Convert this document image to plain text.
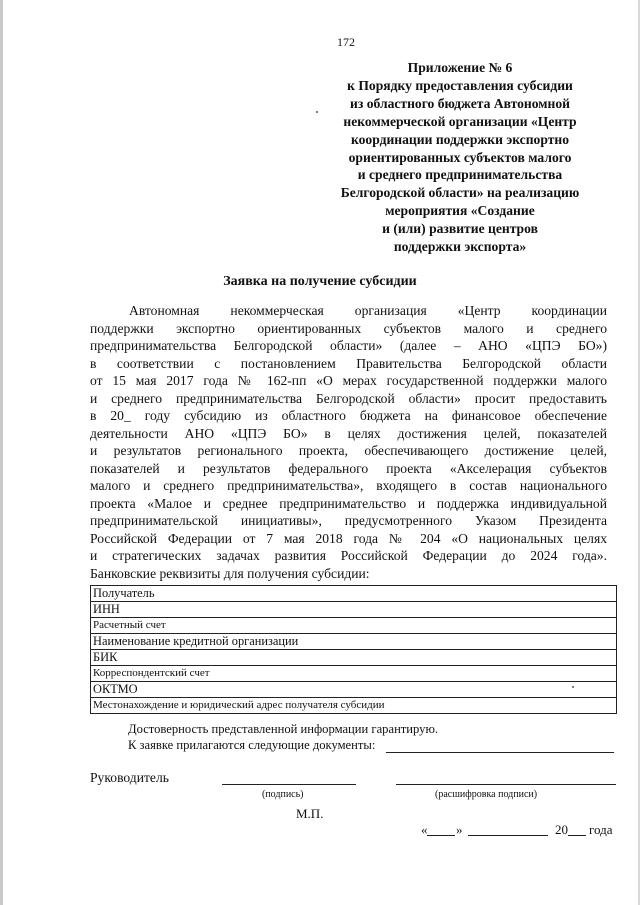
172
Приложение № 6
к Порядку предоставления субсидии
из областного бюджета Автономной
некоммерческой организации «Центр
координации поддержки экспортно
ориентированных субъектов малого
и среднего предпринимательства
Белгородской области» на реализацию
мероприятия «Создание
и (или) развитие центров
поддержки экспорта»
Заявка на получение субсидии
Автономная некоммерческая организация «Центр координации
поддержки экспортно ориентированных субъектов малого и среднего
предпринимательства Белгородской области» (далее – АНО «ЦПЭ БО»)
в соответствии с постановлением Правительства Белгородской области
от 15 мая 2017 года № 162-пп «О мерах государственной поддержки малого
и среднего предпринимательства Белгородской области» просит предоставить
в 20_ году субсидию из областного бюджета на финансовое обеспечение
деятельности АНО «ЦПЭ БО» в целях достижения целей, показателей
и результатов регионального проекта, обеспечивающего достижение целей,
показателей и результатов федерального проекта «Акселерация субъектов
малого и среднего предпринимательства», входящего в состав национального
проекта «Малое и среднее предпринимательство и поддержка индивидуальной
предпринимательской инициативы», предусмотренного Указом Президента
Российской Федерации от 7 мая 2018 года № 204 «О национальных целях
и стратегических задачах развития Российской Федерации до 2024 года».
Банковские реквизиты для получения субсидии:
Получатель
ИНН
Расчетный счет
Наименование кредитной организации
БИК
Корреспондентский счет
ОКТМО
Местонахождение и юридический адрес получателя субсидии
Достоверность представленной информации гарантирую.
К заявке прилагаются следующие документы:
Руководитель
(подпись)	(расшифровка подписи)
М.П.
« »	20 года
